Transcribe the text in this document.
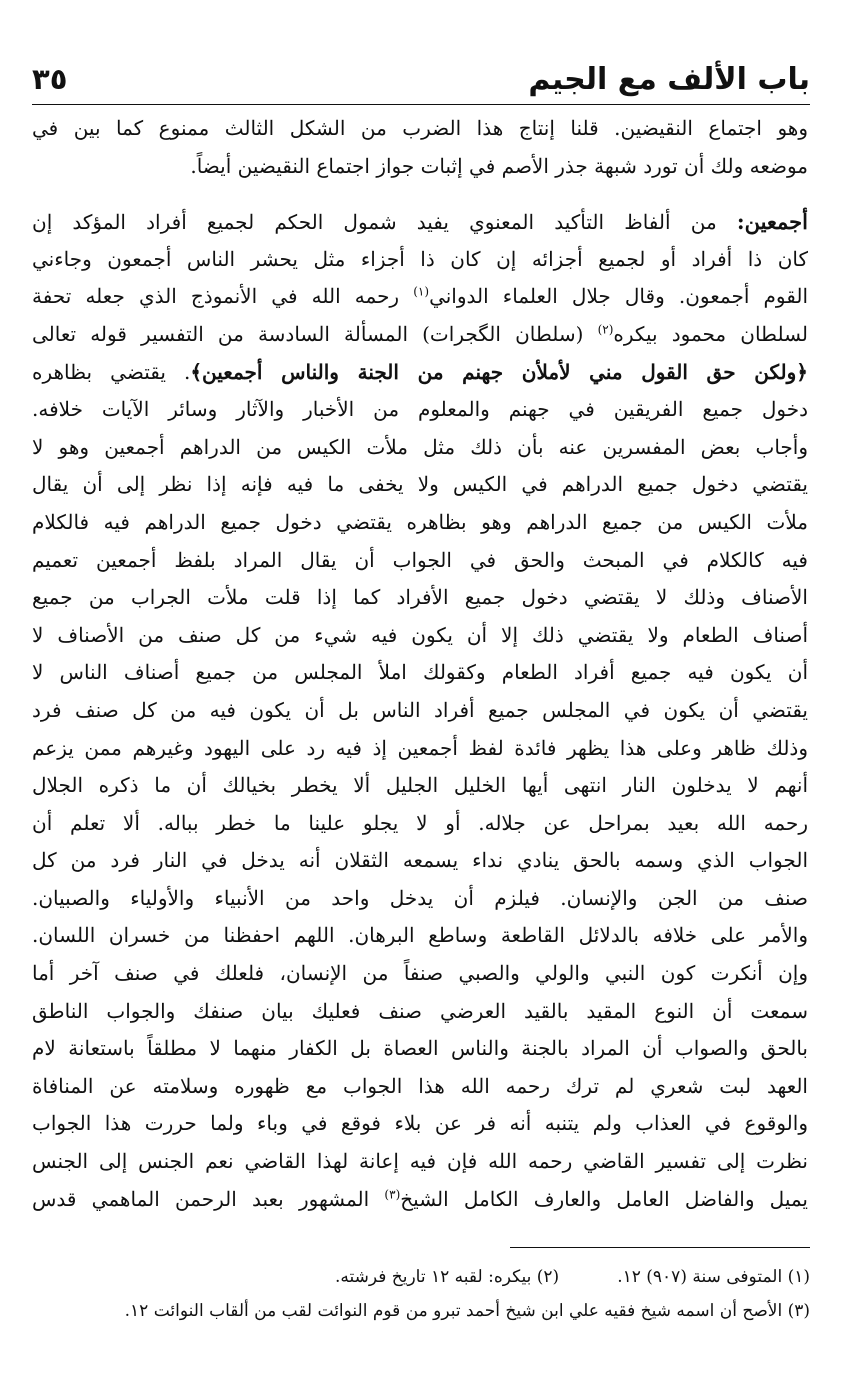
باب الألف مع الجيم
٣٥
وهو اجتماع النقيضين. قلنا إنتاج هذا الضرب من الشكل الثالث ممنوع كما بين في
موضعه ولك أن تورد شبهة جذر الأصم في إثبات جواز اجتماع النقيضين أيضاً.
أجمعين: من ألفاظ التأكيد المعنوي يفيد شمول الحكم لجميع أفراد المؤكد إن
كان ذا أفراد أو لجميع أجزائه إن كان ذا أجزاء مثل يحشر الناس أجمعون وجاءني
القوم أجمعون. وقال جلال العلماء الدواني$^{(١)}$ رحمه الله في الأنموذج الذي جعله تحفة
لسلطان محمود بيكره$^{(٢)}$ (سلطان الگجرات) المسألة السادسة من التفسير قوله تعالى
﴿ولكن حق القول مني لأملأن جهنم من الجنة والناس أجمعين﴾. يقتضي بظاهره
دخول جميع الفريقين في جهنم والمعلوم من الأخبار والآثار وسائر الآيات خلافه.
وأجاب بعض المفسرين عنه بأن ذلك مثل ملأت الكيس من الدراهم أجمعين وهو لا
يقتضي دخول جميع الدراهم في الكيس ولا يخفى ما فيه فإنه إذا نظر إلى أن يقال
ملأت الكيس من جميع الدراهم وهو بظاهره يقتضي دخول جميع الدراهم فيه فالكلام
فيه كالكلام في المبحث والحق في الجواب أن يقال المراد بلفظ أجمعين تعميم
الأصناف وذلك لا يقتضي دخول جميع الأفراد كما إذا قلت ملأت الجراب من جميع
أصناف الطعام ولا يقتضي ذلك إلا أن يكون فيه شيء من كل صنف من الأصناف لا
أن يكون فيه جميع أفراد الطعام وكقولك املأ المجلس من جميع أصناف الناس لا
يقتضي أن يكون في المجلس جميع أفراد الناس بل أن يكون فيه من كل صنف فرد
وذلك ظاهر وعلى هذا يظهر فائدة لفظ أجمعين إذ فيه رد على اليهود وغيرهم ممن يزعم
أنهم لا يدخلون النار انتهى أيها الخليل الجليل ألا يخطر بخيالك أن ما ذكره الجلال
رحمه الله بعيد بمراحل عن جلاله. أو لا يجلو علينا ما خطر بباله. ألا تعلم أن
الجواب الذي وسمه بالحق ينادي نداء يسمعه الثقلان أنه يدخل في النار فرد من كل
صنف من الجن والإنسان. فيلزم أن يدخل واحد من الأنبياء والأولياء والصبيان.
والأمر على خلافه بالدلائل القاطعة وساطع البرهان. اللهم احفظنا من خسران اللسان.
وإن أنكرت كون النبي والولي والصبي صنفاً من الإنسان، فلعلك في صنف آخر أما
سمعت أن النوع المقيد بالقيد العرضي صنف فعليك بيان صنفك والجواب الناطق
بالحق والصواب أن المراد بالجنة والناس العصاة بل الكفار منهما لا مطلقاً باستعانة لام
العهد لبت شعري لم ترك رحمه الله هذا الجواب مع ظهوره وسلامته عن المنافاة
والوقوع في العذاب ولم يتنبه أنه فر عن بلاء فوقع في وباء ولما حررت هذا الجواب
نظرت إلى تفسير القاضي رحمه الله فإن فيه إعانة لهذا القاضي نعم الجنس إلى الجنس
يميل والفاضل العامل والعارف الكامل الشيخ$^{(٣)}$ المشهور بعبد الرحمن الماهمي قدس
(١) المتوفى سنة (٩٠٧) ١٢.
(٢) بيكره: لقبه ١٢ تاريخ فرشته.
(٣) الأصح أن اسمه شيخ فقيه علي ابن شيخ أحمد تبرو من قوم النوائت لقب من ألقاب النوائت ١٢.
